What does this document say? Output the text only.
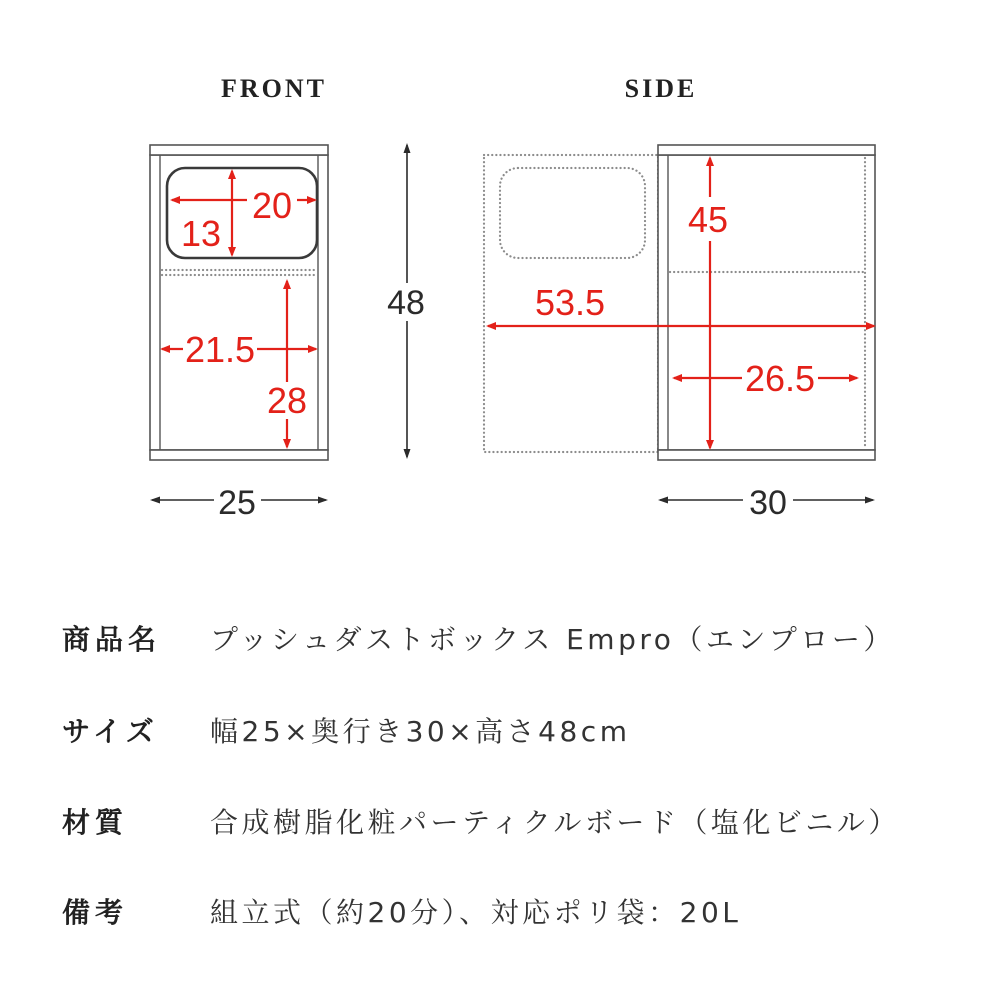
FRONT
20
13
21.5
28
25
48
SIDE
45
53.5
26.5
30
商品名 プッシュダストボックス Empro（エンプロー）
サイズ 幅25×奥行き30×高さ48cm
材質	合成樹脂化粧パーティクルボード（塩化ビニル）
備考	組立式（約20分）、対応ポリ袋：20L
